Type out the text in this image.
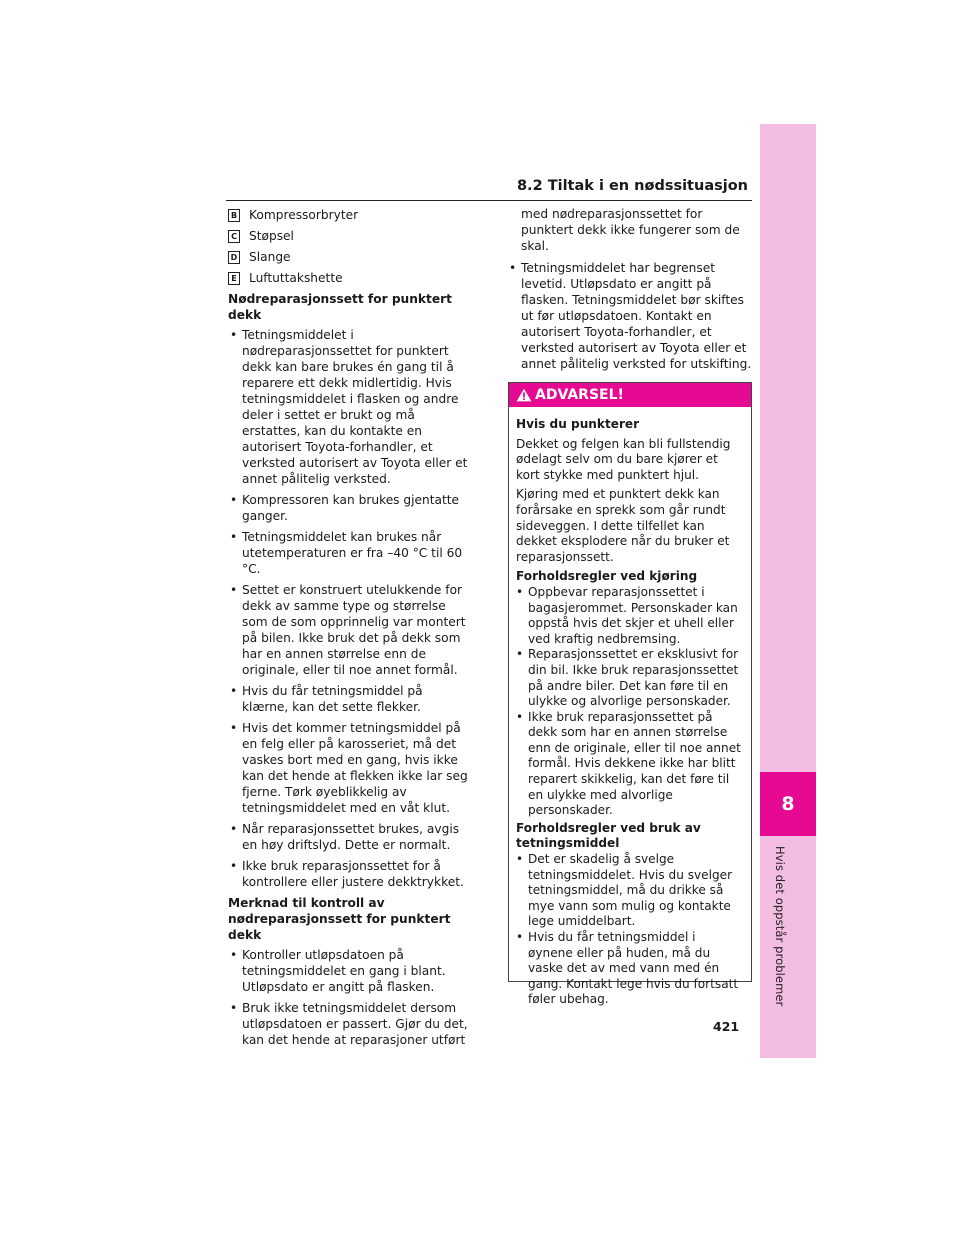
8.2 Tiltak i en nødssituasjon
8
Hvis det oppstår problemer
421
B Kompressorbryter

C Støpsel

D Slange

E Luftuttakshette

Nødreparasjonssett for punktert dekk

• Tetningsmiddelet i nødreparasjonssettet for punktert dekk kan bare brukes én gang til å reparere ett dekk midlertidig. Hvis tetningsmiddelet i flasken og andre deler i settet er brukt og må erstattes, kan du kontakte en autorisert Toyota-forhandler, et verksted autorisert av Toyota eller et annet pålitelig verksted.

• Kompressoren kan brukes gjentatte ganger.

• Tetningsmiddelet kan brukes når utetemperaturen er fra –40 °C til 60 °C.

• Settet er konstruert utelukkende for dekk av samme type og størrelse som de som opprinnelig var montert på bilen. Ikke bruk det på dekk som har en annen størrelse enn de originale, eller til noe annet formål.

• Hvis du får tetningsmiddel på klærne, kan det sette flekker.

• Hvis det kommer tetningsmiddel på en felg eller på karosseriet, må det vaskes bort med en gang, hvis ikke kan det hende at flekken ikke lar seg fjerne. Tørk øyeblikkelig av tetningsmiddelet med en våt klut.

• Når reparasjonssettet brukes, avgis en høy driftslyd. Dette er normalt.

• Ikke bruk reparasjonssettet for å kontrollere eller justere dekktrykket.

Merknad til kontroll av nødreparasjonssett for punktert dekk

• Kontroller utløpsdatoen på tetningsmiddelet en gang i blant. Utløpsdato er angitt på flasken.

• Bruk ikke tetningsmiddelet dersom utløpsdatoen er passert. Gjør du det, kan det hende at reparasjoner utført

med nødreparasjonssettet for punktert dekk ikke fungerer som de skal.

• Tetningsmiddelet har begrenset levetid. Utløpsdato er angitt på flasken. Tetningsmiddelet bør skiftes ut før utløpsdatoen. Kontakt en autorisert Toyota-forhandler, et verksted autorisert av Toyota eller et annet pålitelig verksted for utskifting.

ADVARSEL!

Hvis du punkterer

Dekket og felgen kan bli fullstendig ødelagt selv om du bare kjører et kort stykke med punktert hjul.

Kjøring med et punktert dekk kan forårsake en sprekk som går rundt sideveggen. I dette tilfellet kan dekket eksplodere når du bruker et reparasjonssett.

Forholdsregler ved kjøring

• Oppbevar reparasjonssettet i bagasjerommet. Personskader kan oppstå hvis det skjer et uhell eller ved kraftig nedbremsing.

• Reparasjonssettet er eksklusivt for din bil. Ikke bruk reparasjonssettet på andre biler. Det kan føre til en ulykke og alvorlige personskader.

• Ikke bruk reparasjonssettet på dekk som har en annen størrelse enn de originale, eller til noe annet formål. Hvis dekkene ikke har blitt reparert skikkelig, kan det føre til en ulykke med alvorlige personskader.

Forholdsregler ved bruk av tetningsmiddel

• Det er skadelig å svelge tetningsmiddelet. Hvis du svelger tetningsmiddel, må du drikke så mye vann som mulig og kontakte lege umiddelbart.

• Hvis du får tetningsmiddel i øynene eller på huden, må du vaske det av med vann med én gang. Kontakt lege hvis du fortsatt føler ubehag.
